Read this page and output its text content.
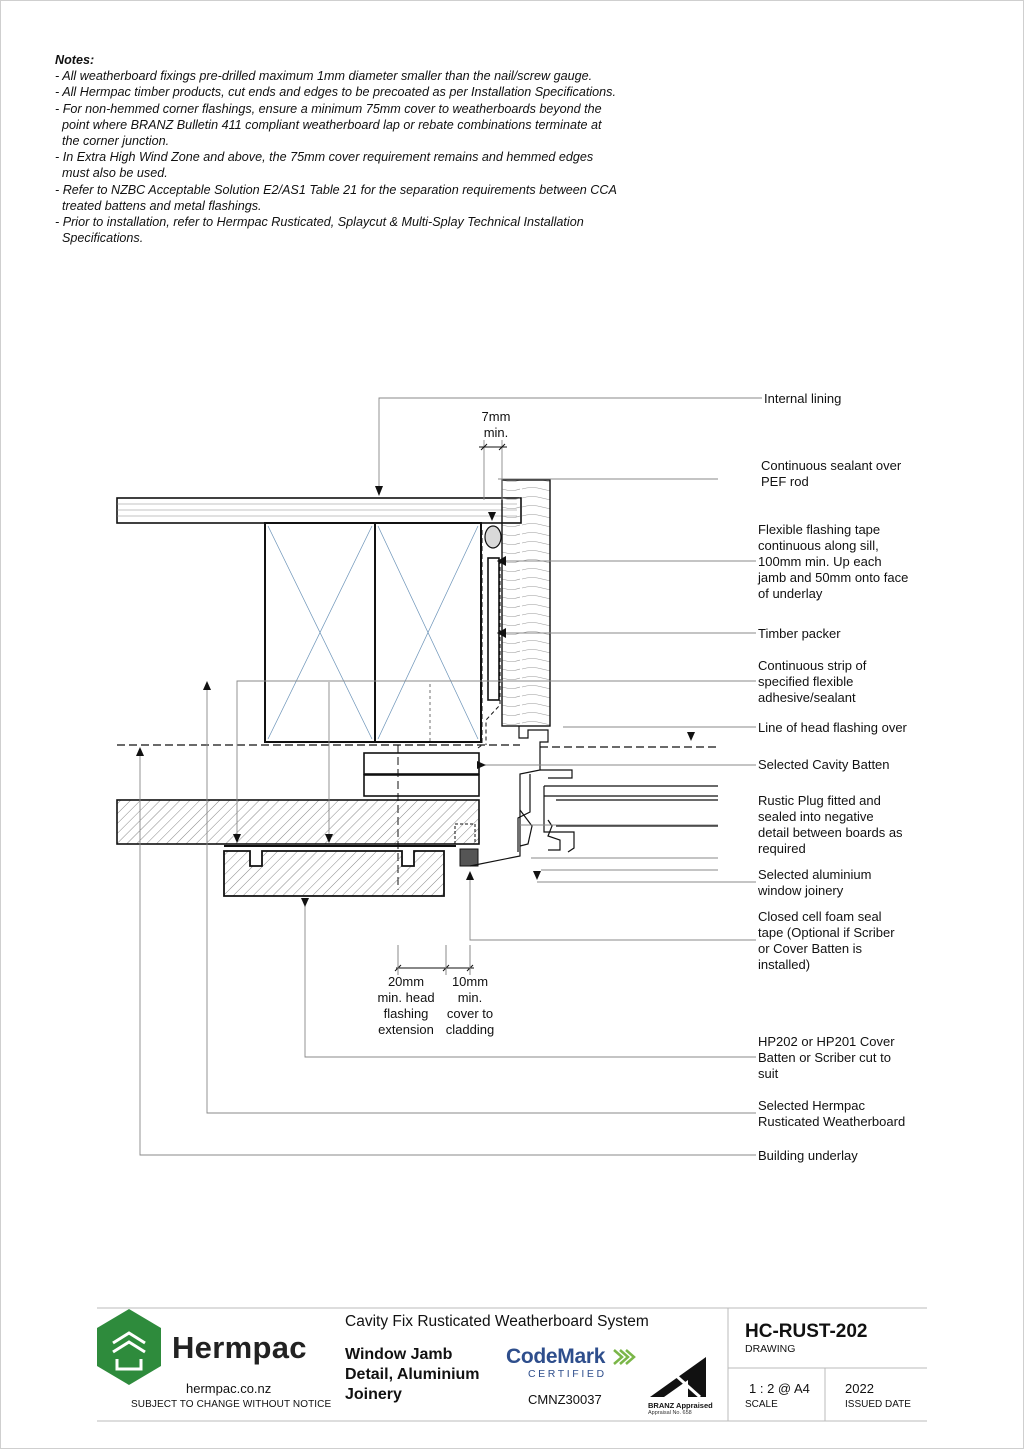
Notes:
- All weatherboard fixings pre-drilled maximum 1mm diameter smaller than the nail/screw gauge.
- All Hermpac timber products, cut ends and edges to be precoated as per Installation Specifications.
- For non-hemmed corner flashings, ensure a minimum 75mm cover to weatherboards beyond the
point where BRANZ Bulletin 411 compliant weatherboard lap or rebate combinations terminate at
the corner junction.
- In Extra High Wind Zone and above, the 75mm cover requirement remains and hemmed edges
must also be used.
- Refer to NZBC Acceptable Solution E2/AS1 Table 21 for the separation requirements between CCA
treated battens and metal flashings.
- Prior to installation, refer to Hermpac Rusticated, Splaycut & Multi-Splay Technical Installation
Specifications.
Internal lining
Continuous sealant over
PEF rod
Flexible flashing tape
continuous along sill,
100mm min. Up each
jamb and 50mm onto face
of underlay
Timber packer
Continuous strip of
specified flexible
adhesive/sealant
Line of head flashing over
Selected Cavity Batten
Rustic Plug fitted and
sealed into negative
detail between boards as
required
Selected aluminium
window joinery
Closed cell foam seal
tape (Optional if Scriber
or Cover Batten is
installed)
HP202 or HP201 Cover
Batten or Scriber cut to
suit
Selected Hermpac
Rusticated Weatherboard
Building underlay
7mm
min.
20mm
min. head
flashing
extension
10mm
min.
cover to
cladding
Hermpac
hermpac.co.nz
SUBJECT TO CHANGE WITHOUT NOTICE
Cavity Fix Rusticated Weatherboard System
Window Jamb
Detail, Aluminium
Joinery
CodeMark
CERTIFIED
CMNZ30037	BRANZ Appraised
Appraisal No. 658
HC-RUST-202
DRAWING
1 : 2 @ A4
SCALE
2022
ISSUED DATE
